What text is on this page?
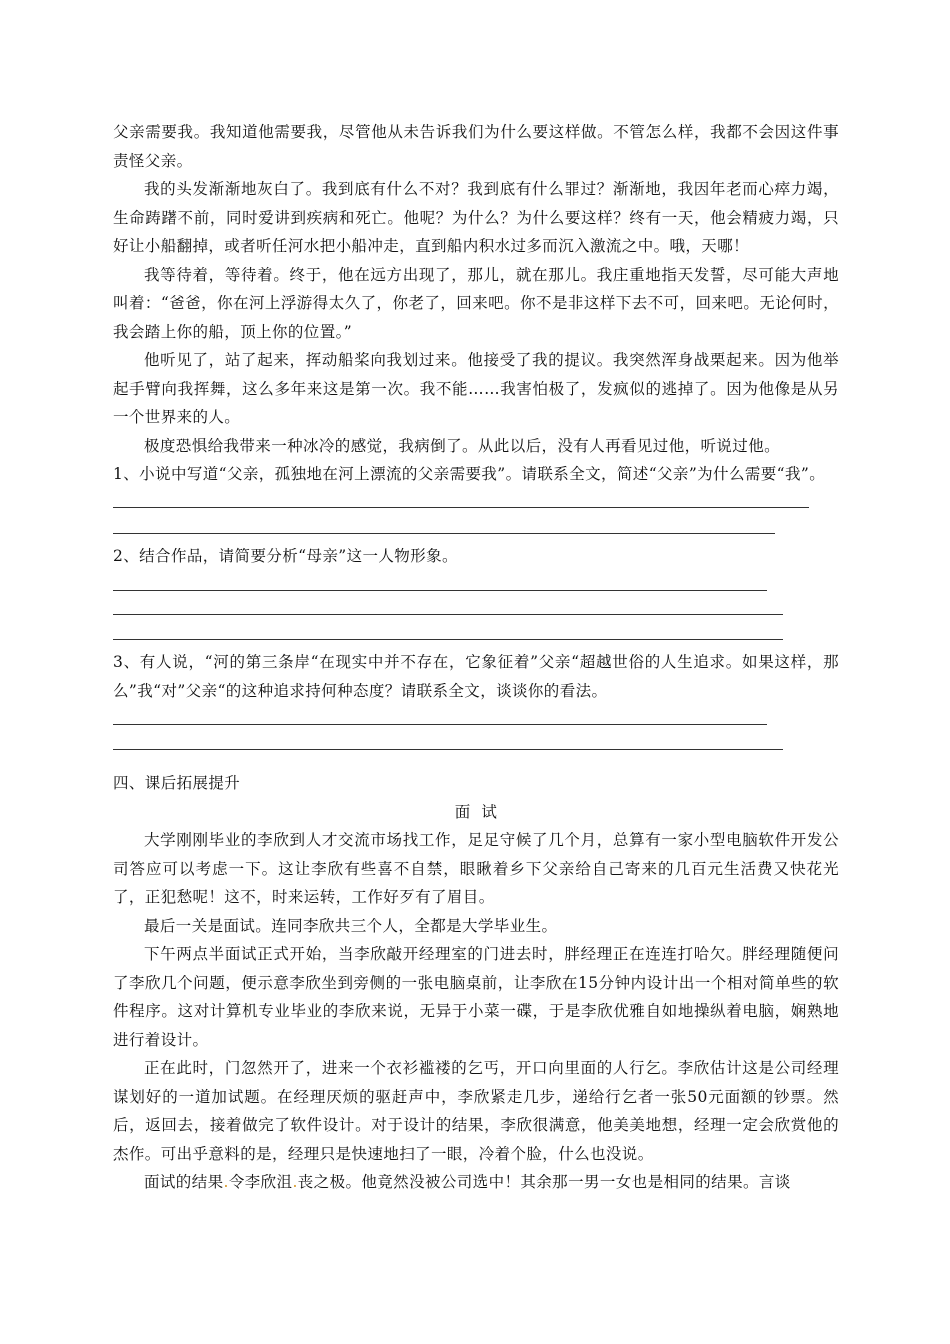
父亲需要我。我知道他需要我，尽管他从未告诉我们为什么要这样做。不管怎么样，我都不会因这件事责怪父亲。

我的头发渐渐地灰白了。我到底有什么不对？我到底有什么罪过？渐渐地，我因年老而心瘁力竭，生命踌躇不前，同时爱讲到疾病和死亡。他呢？为什么？为什么要这样？终有一天，他会精疲力竭，只好让小船翻掉，或者听任河水把小船冲走，直到船内积水过多而沉入激流之中。哦，天哪！

我等待着，等待着。终于，他在远方出现了，那儿，就在那儿。我庄重地指天发誓，尽可能大声地叫着：“爸爸，你在河上浮游得太久了，你老了，回来吧。你不是非这样下去不可，回来吧。无论何时，我会踏上你的船，顶上你的位置。”

他听见了，站了起来，挥动船桨向我划过来。他接受了我的提议。我突然浑身战栗起来。因为他举起手臂向我挥舞，这么多年来这是第一次。我不能……我害怕极了，发疯似的逃掉了。因为他像是从另一个世界来的人。

极度恐惧给我带来一种冰冷的感觉，我病倒了。从此以后，没有人再看见过他，听说过他。

1、小说中写道“父亲，孤独地在河上漂流的父亲需要我”。请联系全文，简述“父亲”为什么需要“我”。

2、结合作品，请简要分析“母亲”这一人物形象。

3、有人说，“河的第三条岸“在现实中并不存在，它象征着”父亲“超越世俗的人生追求。如果这样，那么”我“对”父亲“的这种追求持何种态度？请联系全文，谈谈你的看法。

四、课后拓展提升

面  试

大学刚刚毕业的李欣到人才交流市场找工作，足足守候了几个月，总算有一家小型电脑软件开发公司答应可以考虑一下。这让李欣有些喜不自禁，眼瞅着乡下父亲给自己寄来的几百元生活费又快花光了，正犯愁呢！这不，时来运转，工作好歹有了眉目。

最后一关是面试。连同李欣共三个人，全都是大学毕业生。

下午两点半面试正式开始，当李欣敲开经理室的门进去时，胖经理正在连连打哈欠。胖经理随便问了李欣几个问题，便示意李欣坐到旁侧的一张电脑桌前，让李欣在15分钟内设计出一个相对简单些的软件程序。这对计算机专业毕业的李欣来说，无异于小菜一碟，于是李欣优雅自如地操纵着电脑，娴熟地进行着设计。

正在此时，门忽然开了，进来一个衣衫褴褛的乞丐，开口向里面的人行乞。李欣估计这是公司经理谋划好的一道加试题。在经理厌烦的驱赶声中，李欣紧走几步，递给行乞者一张50元面额的钞票。然后，返回去，接着做完了软件设计。对于设计的结果，李欣很满意，他美美地想，经理一定会欣赏他的杰作。可出乎意料的是，经理只是快速地扫了一眼，冷着个脸，什么也没说。

面试的结果.令李欣沮.丧之极。他竟然没被公司选中！其余那一男一女也是相同的结果。言谈
